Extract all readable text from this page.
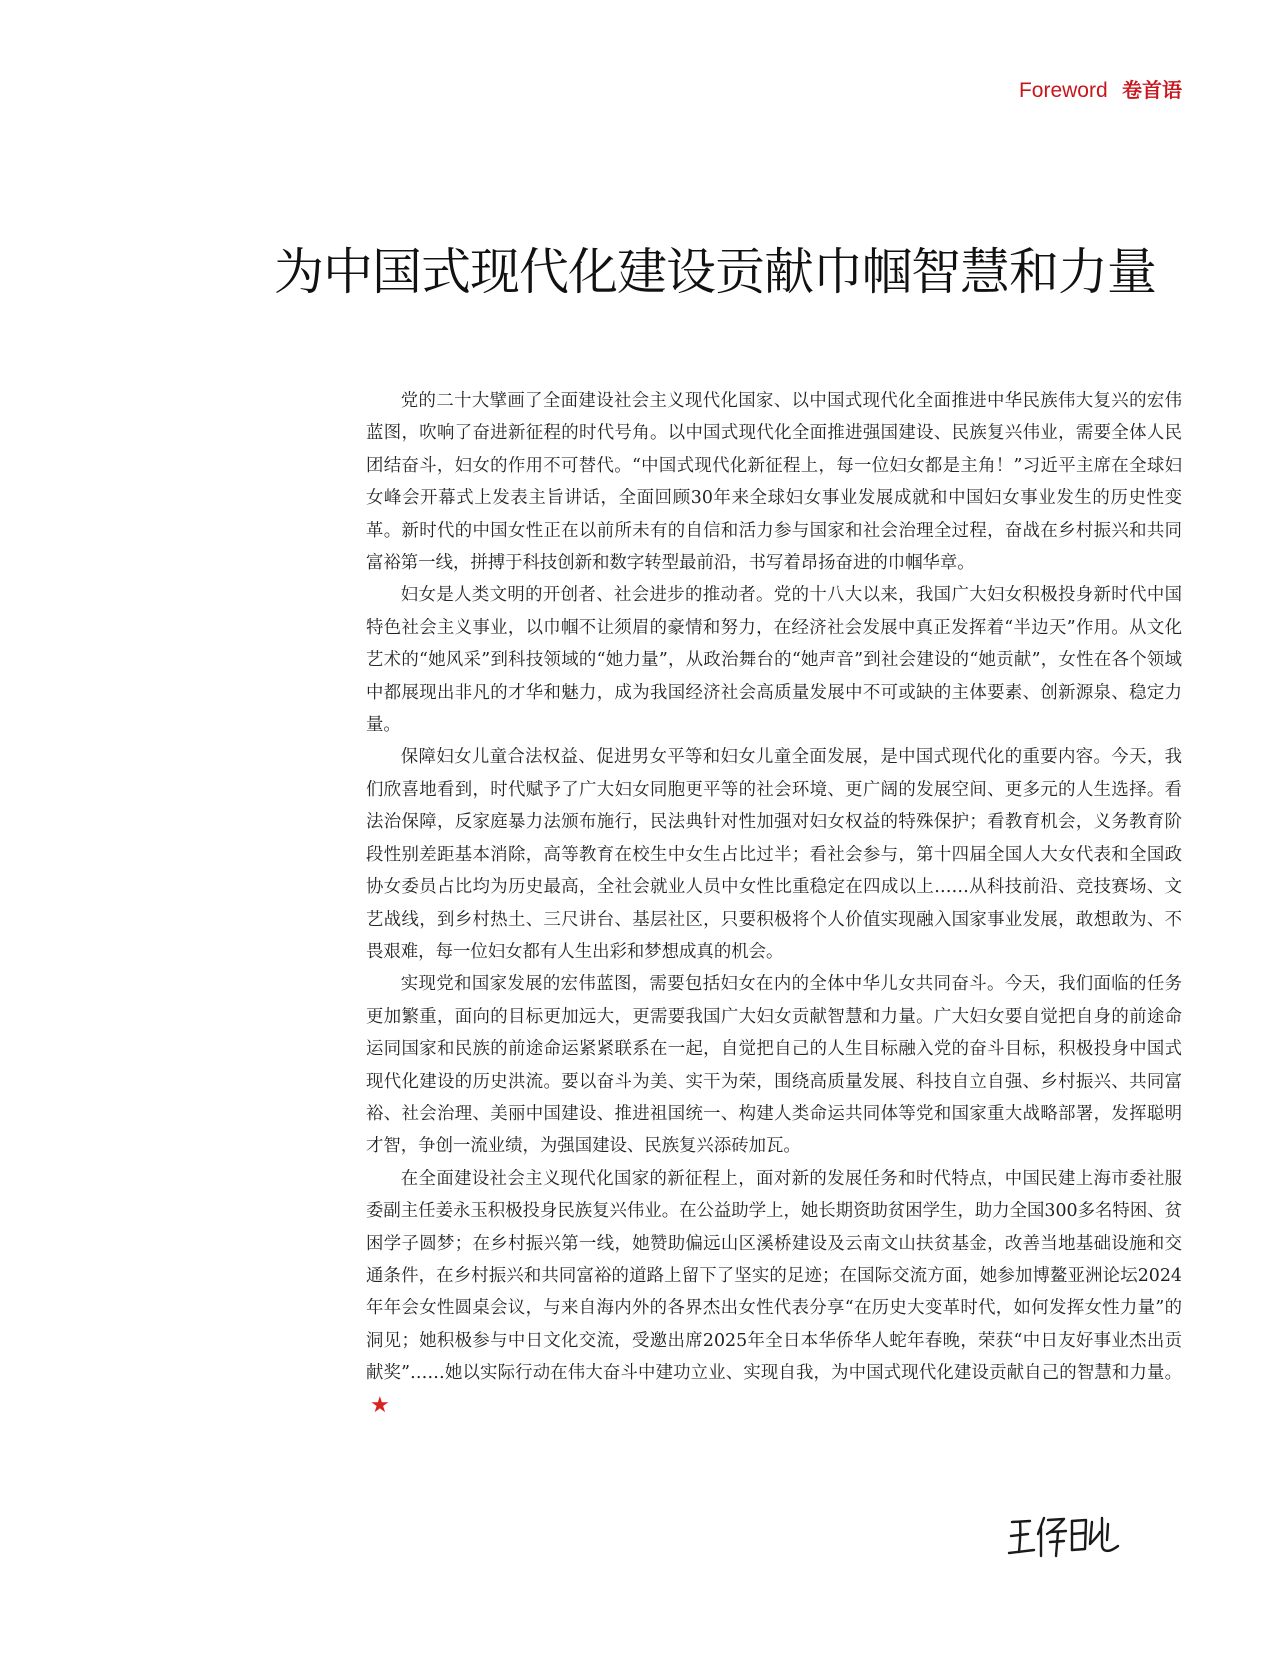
Foreword 卷首语
为中国式现代化建设贡献巾帼智慧和力量

党的二十大擘画了全面建设社会主义现代化国家、以中国式现代化全面推进中华民族伟大复兴的宏伟蓝图，吹响了奋进新征程的时代号角。以中国式现代化全面推进强国建设、民族复兴伟业，需要全体人民团结奋斗，妇女的作用不可替代。“中国式现代化新征程上，每一位妇女都是主角！”习近平主席在全球妇女峰会开幕式上发表主旨讲话，全面回顾30年来全球妇女事业发展成就和中国妇女事业发生的历史性变革。新时代的中国女性正在以前所未有的自信和活力参与国家和社会治理全过程，奋战在乡村振兴和共同富裕第一线，拼搏于科技创新和数字转型最前沿，书写着昂扬奋进的巾帼华章。

妇女是人类文明的开创者、社会进步的推动者。党的十八大以来，我国广大妇女积极投身新时代中国特色社会主义事业，以巾帼不让须眉的豪情和努力，在经济社会发展中真正发挥着“半边天”作用。从文化艺术的“她风采”到科技领域的“她力量”，从政治舞台的“她声音”到社会建设的“她贡献”，女性在各个领域中都展现出非凡的才华和魅力，成为我国经济社会高质量发展中不可或缺的主体要素、创新源泉、稳定力量。

保障妇女儿童合法权益、促进男女平等和妇女儿童全面发展，是中国式现代化的重要内容。今天，我们欣喜地看到，时代赋予了广大妇女同胞更平等的社会环境、更广阔的发展空间、更多元的人生选择。看法治保障，反家庭暴力法颁布施行，民法典针对性加强对妇女权益的特殊保护；看教育机会，义务教育阶段性别差距基本消除，高等教育在校生中女生占比过半；看社会参与，第十四届全国人大女代表和全国政协女委员占比均为历史最高，全社会就业人员中女性比重稳定在四成以上……从科技前沿、竞技赛场、文艺战线，到乡村热土、三尺讲台、基层社区，只要积极将个人价值实现融入国家事业发展，敢想敢为、不畏艰难，每一位妇女都有人生出彩和梦想成真的机会。

实现党和国家发展的宏伟蓝图，需要包括妇女在内的全体中华儿女共同奋斗。今天，我们面临的任务更加繁重，面向的目标更加远大，更需要我国广大妇女贡献智慧和力量。广大妇女要自觉把自身的前途命运同国家和民族的前途命运紧紧联系在一起，自觉把自己的人生目标融入党的奋斗目标，积极投身中国式现代化建设的历史洪流。要以奋斗为美、实干为荣，围绕高质量发展、科技自立自强、乡村振兴、共同富裕、社会治理、美丽中国建设、推进祖国统一、构建人类命运共同体等党和国家重大战略部署，发挥聪明才智，争创一流业绩，为强国建设、民族复兴添砖加瓦。

在全面建设社会主义现代化国家的新征程上，面对新的发展任务和时代特点，中国民建上海市委社服委副主任姜永玉积极投身民族复兴伟业。在公益助学上，她长期资助贫困学生，助力全国300多名特困、贫困学子圆梦；在乡村振兴第一线，她赞助偏远山区溪桥建设及云南文山扶贫基金，改善当地基础设施和交通条件，在乡村振兴和共同富裕的道路上留下了坚实的足迹；在国际交流方面，她参加博鳌亚洲论坛2024年年会女性圆桌会议，与来自海内外的各界杰出女性代表分享“在历史大变革时代，如何发挥女性力量”的洞见；她积极参与中日文化交流，受邀出席2025年全日本华侨华人蛇年春晚，荣获“中日友好事业杰出贡献奖”……她以实际行动在伟大奋斗中建功立业、实现自我，为中国式现代化建设贡献自己的智慧和力量。★
